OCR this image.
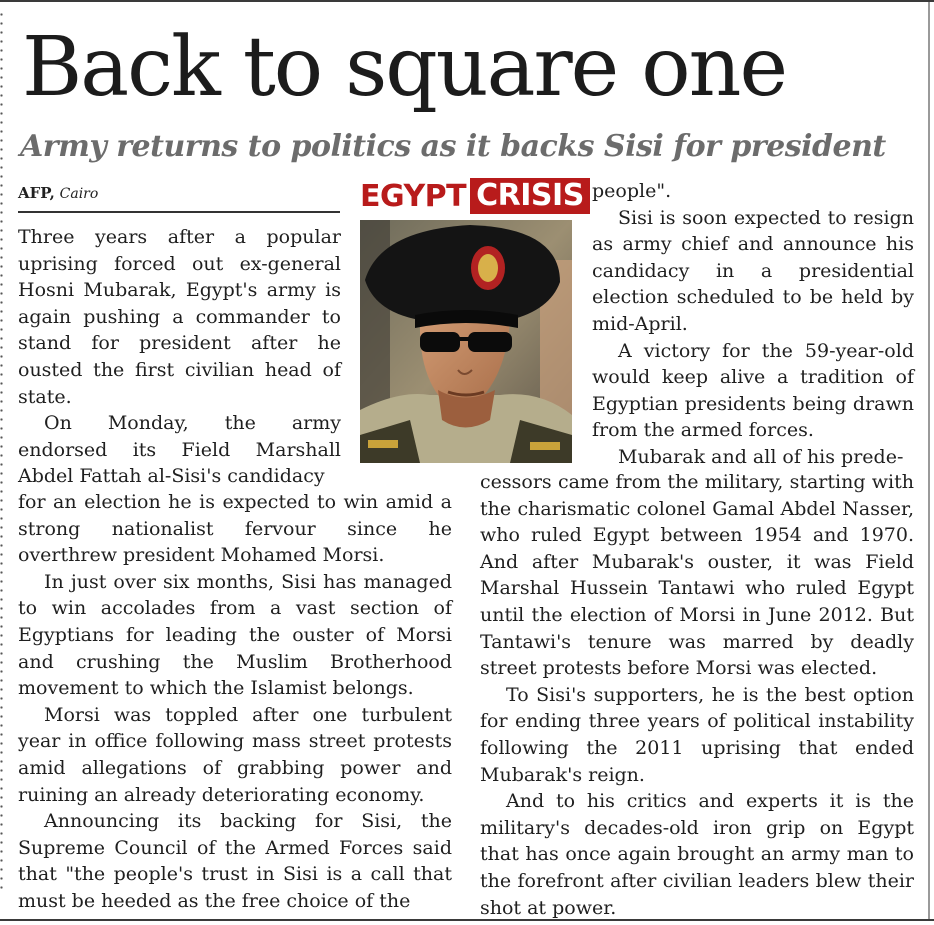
Back to square one
Army returns to politics as it backs Sisi for president
AFP, Cairo	EGYPT CRISIS

Three years after a popular uprising forced out ex-general Hosni Mubarak, Egypt's army is again pushing a commander to stand for president after he ousted the first civilian head of state.

On Monday, the army endorsed its Field Marshall Abdel Fattah al-Sisi's candidacy

for an election he is expected to win amid a strong nationalist fervour since he overthrew president Mohamed Morsi.

In just over six months, Sisi has managed to win accolades from a vast section of Egyptians for leading the ouster of Morsi and crushing the Muslim Brotherhood movement to which the Islamist belongs.

Morsi was toppled after one turbulent year in office following mass street protests amid allegations of grabbing power and ruining an already deteriorating economy.

Announcing its backing for Sisi, the Supreme Council of the Armed Forces said that "the people's trust in Sisi is a call that must be heeded as the free choice of the

people".

Sisi is soon expected to resign as army chief and announce his candidacy in a presidential election scheduled to be held by mid-April.

A victory for the 59-year-old would keep alive a tradition of Egyptian presidents being drawn from the armed forces.

Mubarak and all of his prede-

cessors came from the military, starting with the charismatic colonel Gamal Abdel Nasser, who ruled Egypt between 1954 and 1970. And after Mubarak's ouster, it was Field Marshal Hussein Tantawi who ruled Egypt until the election of Morsi in June 2012. But Tantawi's tenure was marred by deadly street protests before Morsi was elected.

To Sisi's supporters, he is the best option for ending three years of political instability following the 2011 uprising that ended Mubarak's reign.

And to his critics and experts it is the military's decades-old iron grip on Egypt that has once again brought an army man to the forefront after civilian leaders blew their shot at power.
